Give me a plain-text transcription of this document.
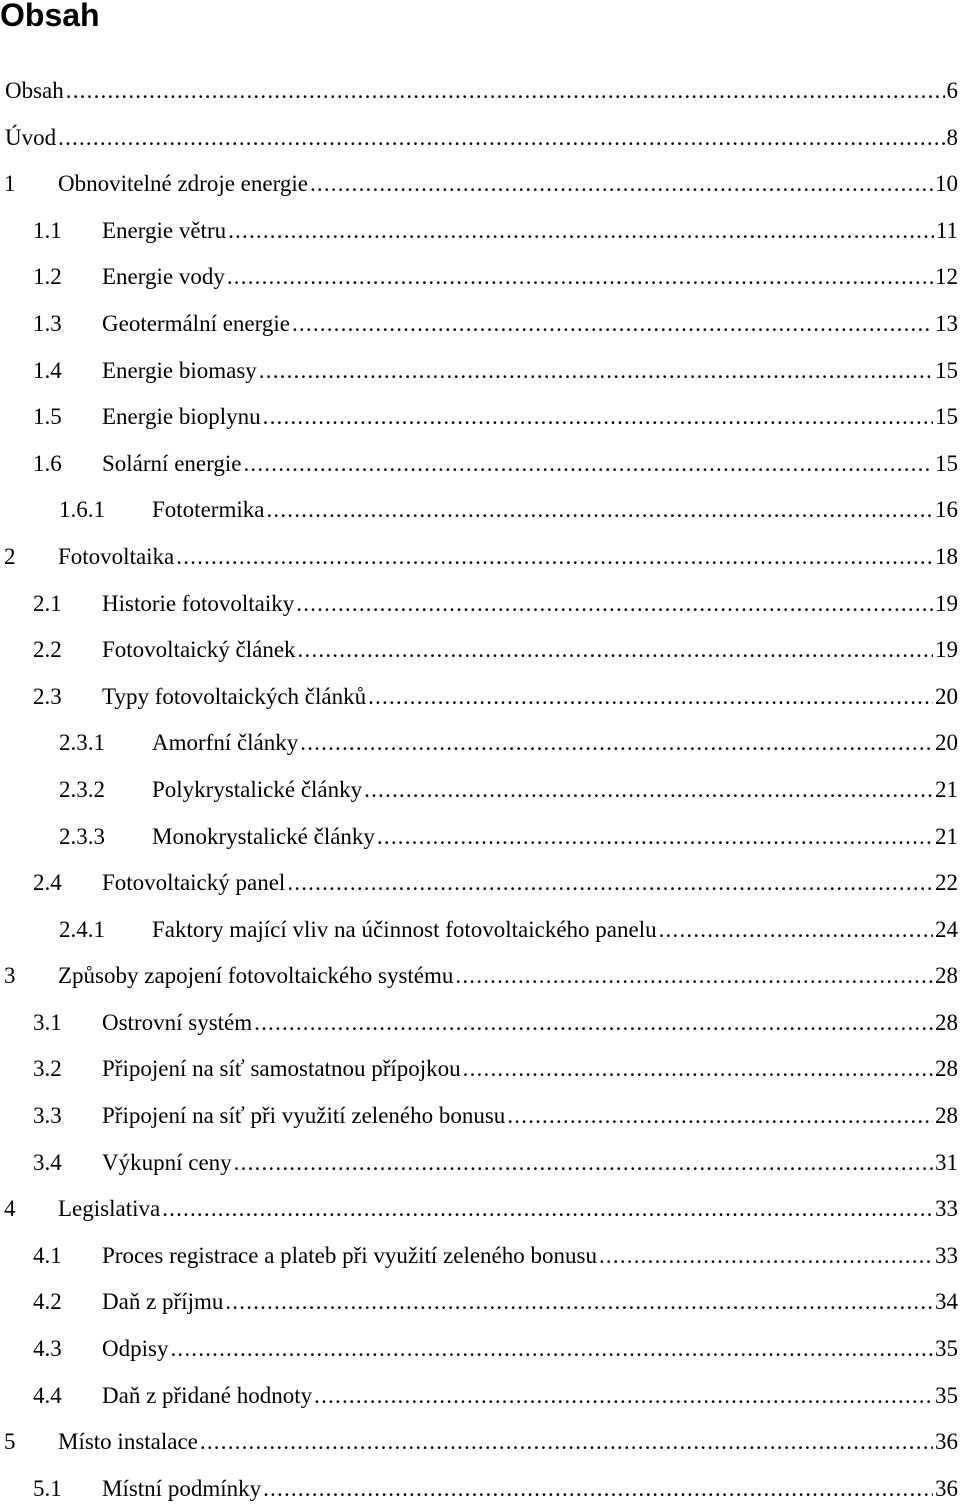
Obsah
Obsah .....	6
Úvod .....	8
1	Obnovitelné zdroje energie .....	10
1.1	Energie větru .....	11
1.2	Energie vody .....	12
1.3	Geotermální energie .....	13
1.4	Energie biomasy .....	15
1.5	Energie bioplynu .....	15
1.6	Solární energie .....	15
1.6.1	Fototermika .....	16
2	Fotovoltaika .....	18
2.1	Historie fotovoltaiky .....	19
2.2	Fotovoltaický článek .....	19
2.3	Typy fotovoltaických článků .....	20
2.3.1	Amorfní články .....	20
2.3.2	Polykrystalické články .....	21
2.3.3	Monokrystalické články .....	21
2.4	Fotovoltaický panel .....	22
2.4.1	Faktory mající vliv na účinnost fotovoltaického panelu .....	24
3	Způsoby zapojení fotovoltaického systému .....	28
3.1	Ostrovní systém .....	28
3.2	Připojení na síť samostatnou přípojkou .....	28
3.3	Připojení na síť při využití zeleného bonusu .....	28
3.4	Výkupní ceny .....	31
4	Legislativa .....	33
4.1	Proces registrace a plateb při využití zeleného bonusu .....	33
4.2	Daň z příjmu .....	34
4.3	Odpisy .....	35
4.4	Daň z přidané hodnoty .....	35
5	Místo instalace .....	36
5.1	Místní podmínky .....	36
